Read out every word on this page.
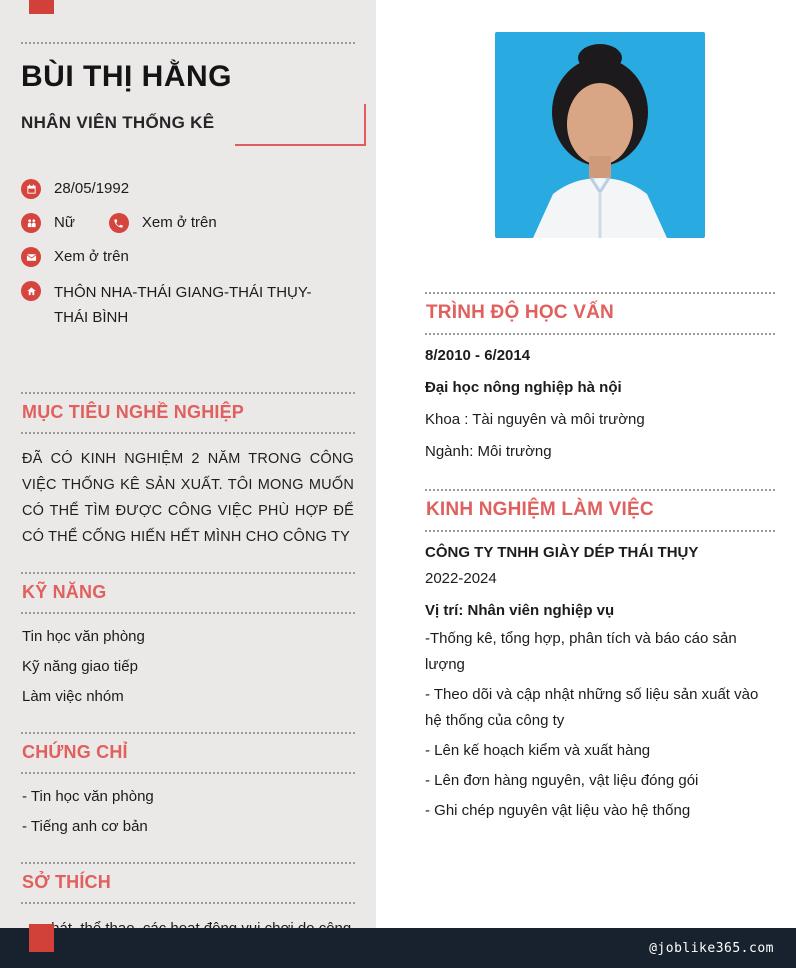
BÙI THỊ HẰNG
NHÂN VIÊN THỐNG KÊ
28/05/1992
Nữ	Xem ở trên
Xem ở trên
THÔN NHA-THÁI GIANG-THÁI THỤY-THÁI BÌNH
MỤC TIÊU NGHỀ NGHIỆP
ĐÃ CÓ KINH NGHIỆM 2 NĂM TRONG CÔNG VIỆC THỐNG KÊ SẢN XUẤT. TÔI MONG MUỐN CÓ THỂ TÌM ĐƯỢC CÔNG VIỆC PHÙ HỢP ĐỂ CÓ THỂ CỐNG HIẾN HẾT MÌNH CHO CÔNG TY
KỸ NĂNG
Tin học văn phòng
Kỹ năng giao tiếp
Làm việc nhóm
CHỨNG CHỈ
- Tin học văn phòng
- Tiếng anh cơ bản
SỞ THÍCH
TRÌNH ĐỘ HỌC VẤN
8/2010 - 6/2014
Đại học nông nghiệp hà nội
Khoa : Tài nguyên và môi trường
Ngành: Môi trường
KINH NGHIỆM LÀM VIỆC
CÔNG TY TNHH GIÀY DÉP THÁI THỤY
2022-2024
Vị trí: Nhân viên nghiệp vụ
-Thống kê, tổng hợp, phân tích và báo cáo sản lượng
- Theo dõi và cập nhật những số liệu sản xuất vào hệ thống của công ty
- Lên kế hoạch kiểm và xuất hàng
- Lên đơn hàng nguyên, vật liệu đóng gói
- Ghi chép nguyên vật liệu vào hệ thống
@joblike365.com
